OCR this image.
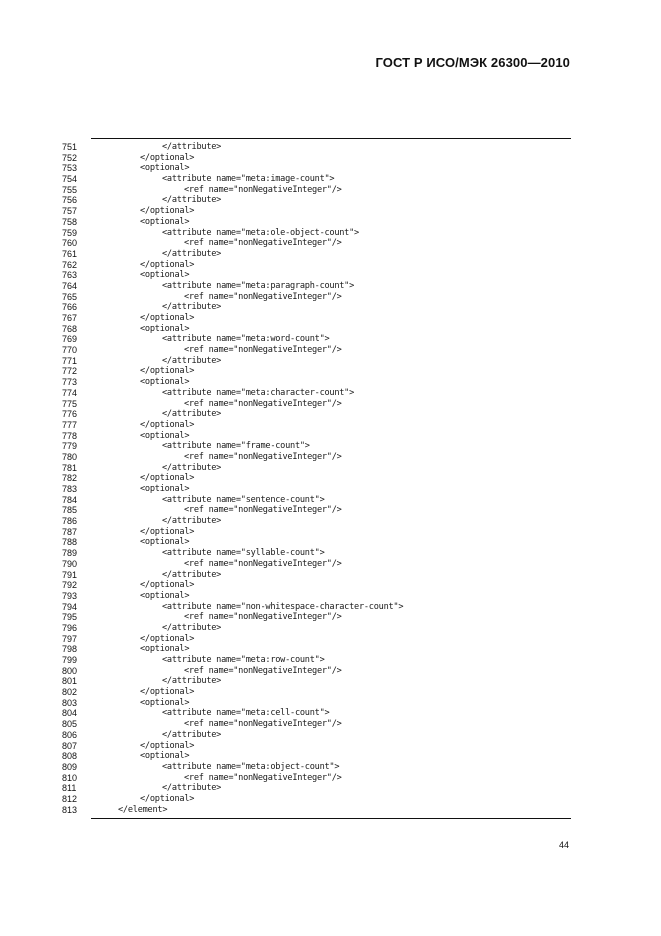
ГОСТ Р ИСО/МЭК 26300—2010
751	</attribute>
752	</optional>
753	<optional>
754	<attribute name="meta:image-count">
755	<ref name="nonNegativeInteger"/>
756	</attribute>
757	</optional>
758	<optional>
759	<attribute name="meta:ole-object-count">
760	<ref name="nonNegativeInteger"/>
761	</attribute>
762	</optional>
763	<optional>
764	<attribute name="meta:paragraph-count">
765	<ref name="nonNegativeInteger"/>
766	</attribute>
767	</optional>
768	<optional>
769	<attribute name="meta:word-count">
770	<ref name="nonNegativeInteger"/>
771	</attribute>
772	</optional>
773	<optional>
774	<attribute name="meta:character-count">
775	<ref name="nonNegativeInteger"/>
776	</attribute>
777	</optional>
778	<optional>
779	<attribute name="frame-count">
780	<ref name="nonNegativeInteger"/>
781	</attribute>
782	</optional>
783	<optional>
784	<attribute name="sentence-count">
785	<ref name="nonNegativeInteger"/>
786	</attribute>
787	</optional>
788	<optional>
789	<attribute name="syllable-count">
790	<ref name="nonNegativeInteger"/>
791	</attribute>
792	</optional>
793	<optional>
794	<attribute name="non-whitespace-character-count">
795	<ref name="nonNegativeInteger"/>
796	</attribute>
797	</optional>
798	<optional>
799	<attribute name="meta:row-count">
800	<ref name="nonNegativeInteger"/>
801	</attribute>
802	</optional>
803	<optional>
804	<attribute name="meta:cell-count">
805	<ref name="nonNegativeInteger"/>
806	</attribute>
807	</optional>
808	<optional>
809	<attribute name="meta:object-count">
810	<ref name="nonNegativeInteger"/>
811	</attribute>
812	</optional>
813	</element>
44
